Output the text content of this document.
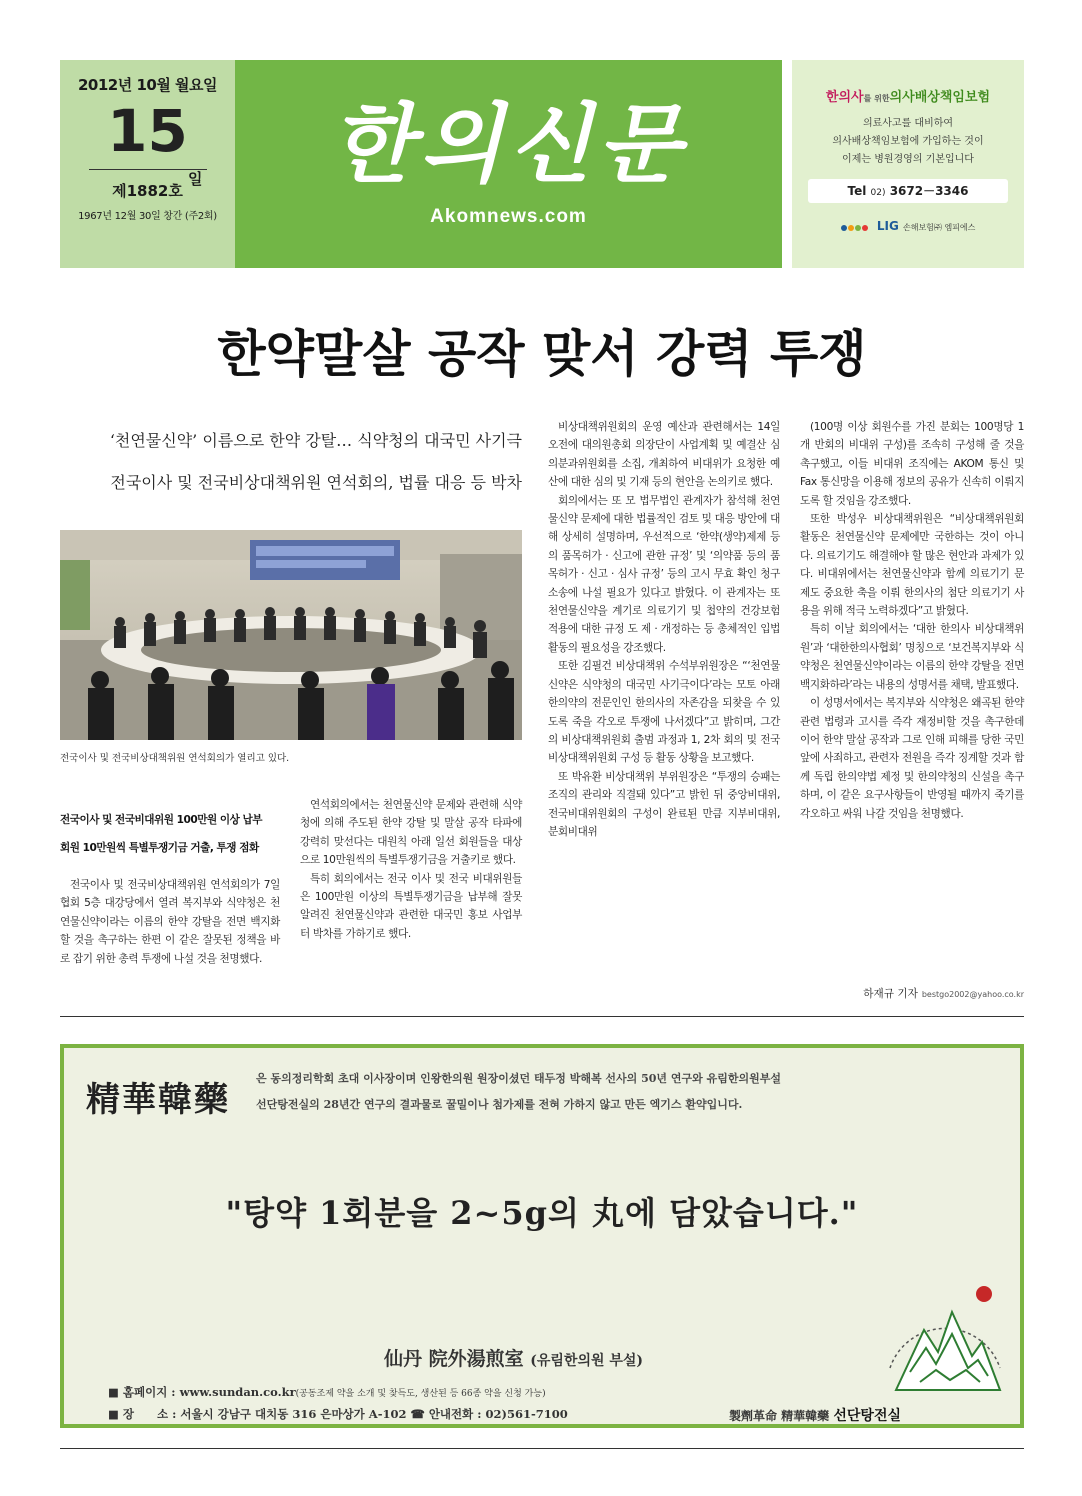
2012년 10월 월요일
15
제1882호
1967년 12월 30일 창간 (주2회)
일	한의신문
Akomnews.com
한의사를 위한의사배상책임보험
의료사고를 대비하여
의사배상책임보험에 가입하는 것이
이제는 병원경영의 기본입니다
Tel 02) 3672－3346
LIG 손해보험㈜ 엠피에스
한약말살 공작 맞서 강력 투쟁
‘천연물신약’ 이름으로 한약 강탈… 식약청의 대국민 사기극
전국이사 및 전국비상대책위원 연석회의, 법률 대응 등 박차
전국이사 및 전국비상대책위원 연석회의가 열리고 있다.
전국이사 및 전국비대위원 100만원 이상 납부
회원 10만원씩 특별투쟁기금 거출, 투쟁 점화

전국이사 및 전국비상대책위원 연석회의가 7일 협회 5층 대강당에서 열려 복지부와 식약청은 천연물신약이라는 이름의 한약 강탈을 전면 백지화할 것을 촉구하는 한편 이 같은 잘못된 정책을 바로 잡기 위한 총력 투쟁에 나설 것을 천명했다.

연석회의에서는 천연물신약 문제와 관련해 식약청에 의해 주도된 한약 강탈 및 말살 공작 타파에 강력히 맞선다는 대원칙 아래 일선 회원들을 대상으로 10만원씩의 특별투쟁기금을 거출키로 했다.

특히 회의에서는 전국 이사 및 전국 비대위원들은 100만원 이상의 특별투쟁기금을 납부해 잘못 알려진 천연물신약과 관련한 대국민 홍보 사업부터 박차를 가하기로 했다.

비상대책위원회의 운영 예산과 관련해서는 14일 오전에 대의원총회 의장단이 사업계획 및 예결산 심의분과위원회를 소집, 개최하여 비대위가 요청한 예산에 대한 심의 및 기재 등의 현안을 논의키로 했다.

회의에서는 또 모 법무법인 관계자가 참석해 천연물신약 문제에 대한 법률적인 검토 및 대응 방안에 대해 상세히 설명하며, 우선적으로 ‘한약(생약)제제 등의 품목허가 · 신고에 관한 규정’ 및 ‘의약품 등의 품목허가 · 신고 · 심사 규정’ 등의 고시 무효 확인 청구 소송에 나설 필요가 있다고 밝혔다. 이 관계자는 또 천연물신약을 계기로 의료기기 및 첩약의 건강보험 적용에 대한 규정 도 제 · 개정하는 등 총체적인 입법 활동의 필요성을 강조했다.

또한 김필건 비상대책위 수석부위원장은 “‘천연물신약은 식약청의 대국민 사기극이다’라는 모토 아래 한의약의 전문인인 한의사의 자존감을 되찾을 수 있도록 죽을 각오로 투쟁에 나서겠다”고 밝히며, 그간의 비상대책위원회 출범 과정과 1, 2차 회의 및 전국 비상대책위원회 구성 등 활동 상황을 보고했다.

또 박유환 비상대책위 부위원장은 “투쟁의 승패는 조직의 관리와 직결돼 있다”고 밝힌 뒤 중앙비대위, 전국비대위원회의 구성이 완료된 만큼 지부비대위, 분회비대위

(100명 이상 회원수를 가진 분회는 100명당 1개 반회의 비대위 구성)를 조속히 구성해 줄 것을 촉구했고, 이들 비대위 조직에는 AKOM 통신 및 Fax 통신망을 이용해 정보의 공유가 신속히 이뤄지도록 할 것임을 강조했다.

또한 박성우 비상대책위원은 “비상대책위원회 활동은 천연물신약 문제에만 국한하는 것이 아니다. 의료기기도 해결해야 할 많은 현안과 과제가 있다. 비대위에서는 천연물신약과 함께 의료기기 문제도 중요한 축을 이뤄 한의사의 첨단 의료기기 사용을 위해 적극 노력하겠다”고 밝혔다.

특히 이날 회의에서는 ‘대한 한의사 비상대책위원’과 ‘대한한의사협회’ 명칭으로 ‘보건복지부와 식약청은 천연물신약이라는 이름의 한약 강탈을 전면 백지화하라’라는 내용의 성명서를 채택, 발표했다.

이 성명서에서는 복지부와 식약청은 왜곡된 한약 관련 법령과 고시를 즉각 재정비할 것을 촉구한데 이어 한약 말살 공작과 그로 인해 피해를 당한 국민 앞에 사죄하고, 관련자 전원을 즉각 징계할 것과 함께 독립 한의약법 제정 및 한의약청의 신설을 촉구하며, 이 같은 요구사항들이 반영될 때까지 죽기를 각오하고 싸워 나갈 것임을 천명했다.

하재규 기자 bestgo2002@yahoo.co.kr
精華韓藥
은 동의정리학회 초대 이사장이며 인왕한의원 원장이셨던 태두정 박해복 선사의 50년 연구와 유림한의원부설
선단탕전실의 28년간 연구의 결과물로 꿀밀이나 첨가제를 전혀 가하지 않고 만든 엑기스 환약입니다.
"탕약 1회분을 2~5g의 丸에 담았습니다."
仙丹 院外湯煎室 (유림한의원 부설)
■ 홈페이지 : www.sundan.co.kr(공동조제 약을 소개 및 찾득도, 생산된 등 66종 약을 신청 가능)
■ 장　　소 : 서울시 강남구 대치동 316 은마상가 A-102 ☎ 안내전화 : 02)561-7100	製劑革命 精華韓藥 선단탕전실
